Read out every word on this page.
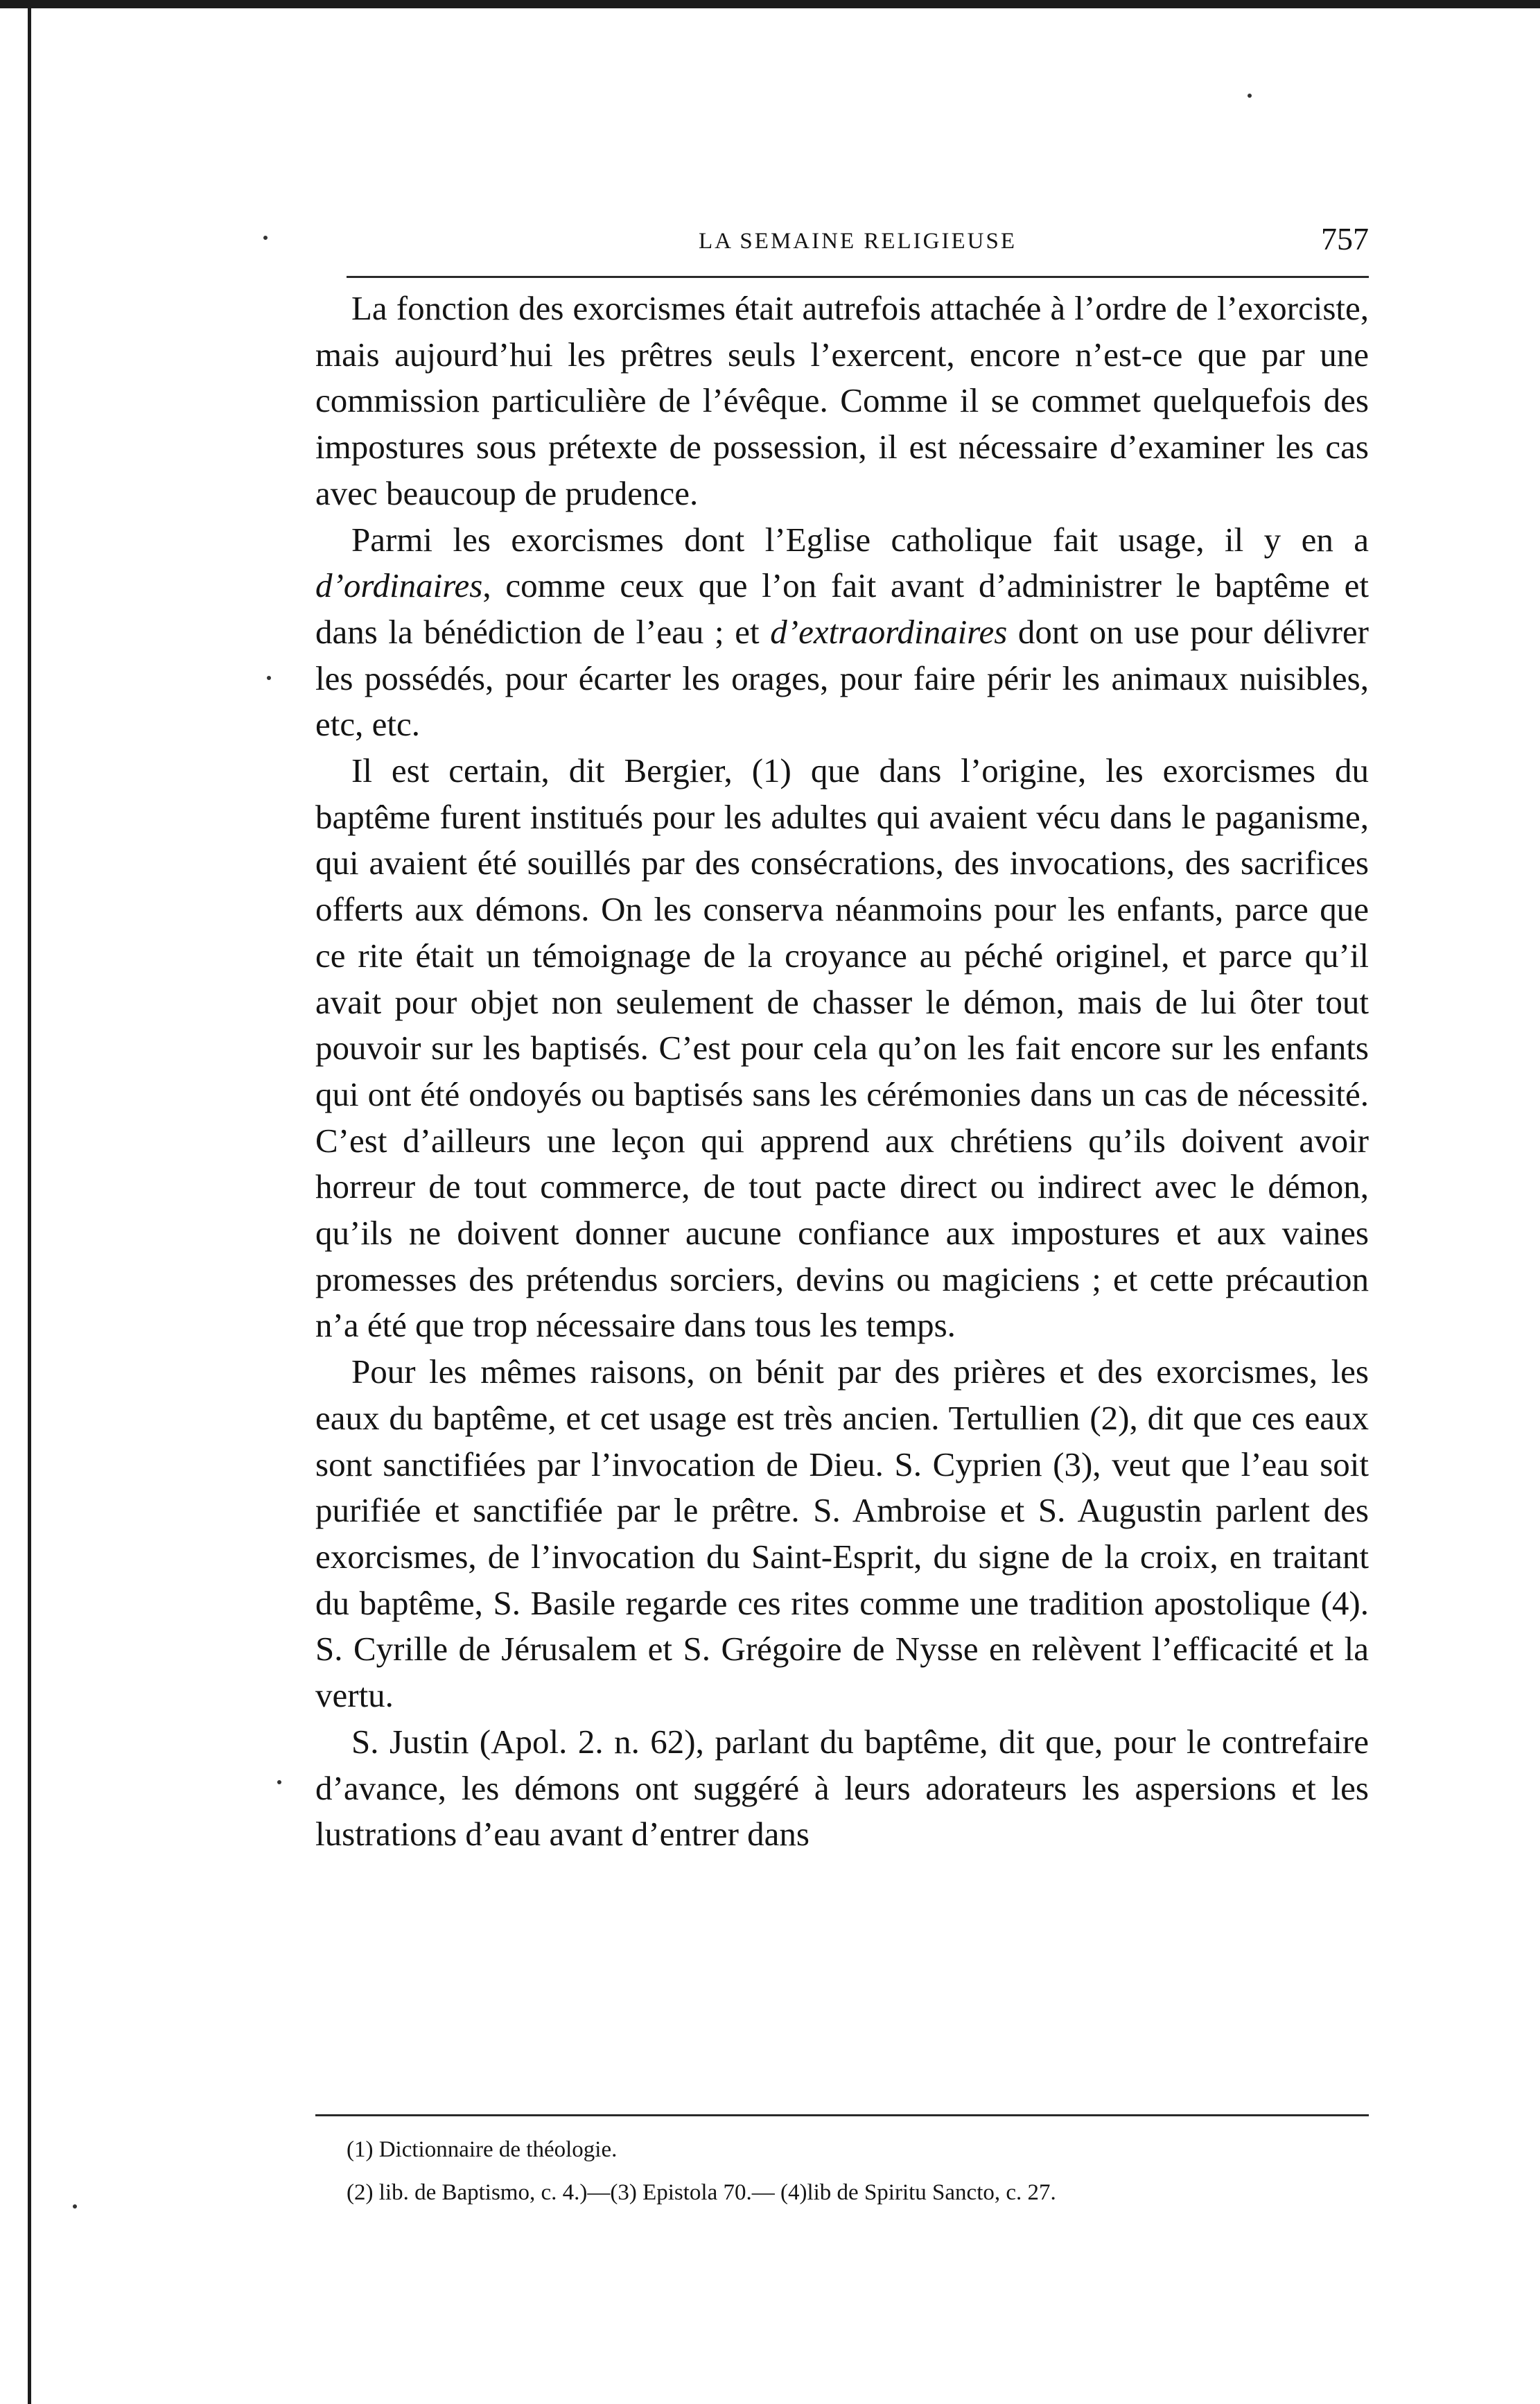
LA SEMAINE RELIGIEUSE	757

La fonction des exorcismes était autrefois attachée à l’ordre de l’exorciste, mais aujourd’hui les prêtres seuls l’exercent, encore n’est-ce que par une commission particulière de l’évêque. Comme il se commet quelquefois des impostures sous prétexte de possession, il est nécessaire d’examiner les cas avec beaucoup de prudence.

Parmi les exorcismes dont l’Eglise catholique fait usage, il y en a d’ordinaires, comme ceux que l’on fait avant d’administrer le baptême et dans la bénédiction de l’eau ; et d’extraordinaires dont on use pour délivrer les possédés, pour écarter les orages, pour faire périr les animaux nuisibles, etc, etc.

Il est certain, dit Bergier, (1) que dans l’origine, les exorcismes du baptême furent institués pour les adultes qui avaient vécu dans le paganisme, qui avaient été souillés par des consécrations, des invocations, des sacrifices offerts aux démons. On les conserva néanmoins pour les enfants, parce que ce rite était un témoignage de la croyance au péché originel, et parce qu’il avait pour objet non seulement de chasser le démon, mais de lui ôter tout pouvoir sur les baptisés. C’est pour cela qu’on les fait encore sur les enfants qui ont été ondoyés ou baptisés sans les cérémonies dans un cas de nécessité. C’est d’ailleurs une leçon qui apprend aux chrétiens qu’ils doivent avoir horreur de tout commerce, de tout pacte direct ou indirect avec le démon, qu’ils ne doivent donner aucune confiance aux impostures et aux vaines promesses des prétendus sorciers, devins ou magiciens ; et cette précaution n’a été que trop nécessaire dans tous les temps.

Pour les mêmes raisons, on bénit par des prières et des exorcismes, les eaux du baptême, et cet usage est très ancien. Tertullien (2), dit que ces eaux sont sanctifiées par l’invocation de Dieu. S. Cyprien (3), veut que l’eau soit purifiée et sanctifiée par le prêtre. S. Ambroise et S. Augustin parlent des exorcismes, de l’invocation du Saint-Esprit, du signe de la croix, en traitant du baptême, S. Basile regarde ces rites comme une tradition apostolique (4). S. Cyrille de Jérusalem et S. Grégoire de Nysse en relèvent l’efficacité et la vertu.

S. Justin (Apol. 2. n. 62), parlant du baptême, dit que, pour le contrefaire d’avance, les démons ont suggéré à leurs adorateurs les aspersions et les lustrations d’eau avant d’entrer dans

(1) Dictionnaire de théologie.

(2) lib. de Baptismo, c. 4.)—(3) Epistola 70.— (4)lib de Spiritu Sancto, c. 27.
